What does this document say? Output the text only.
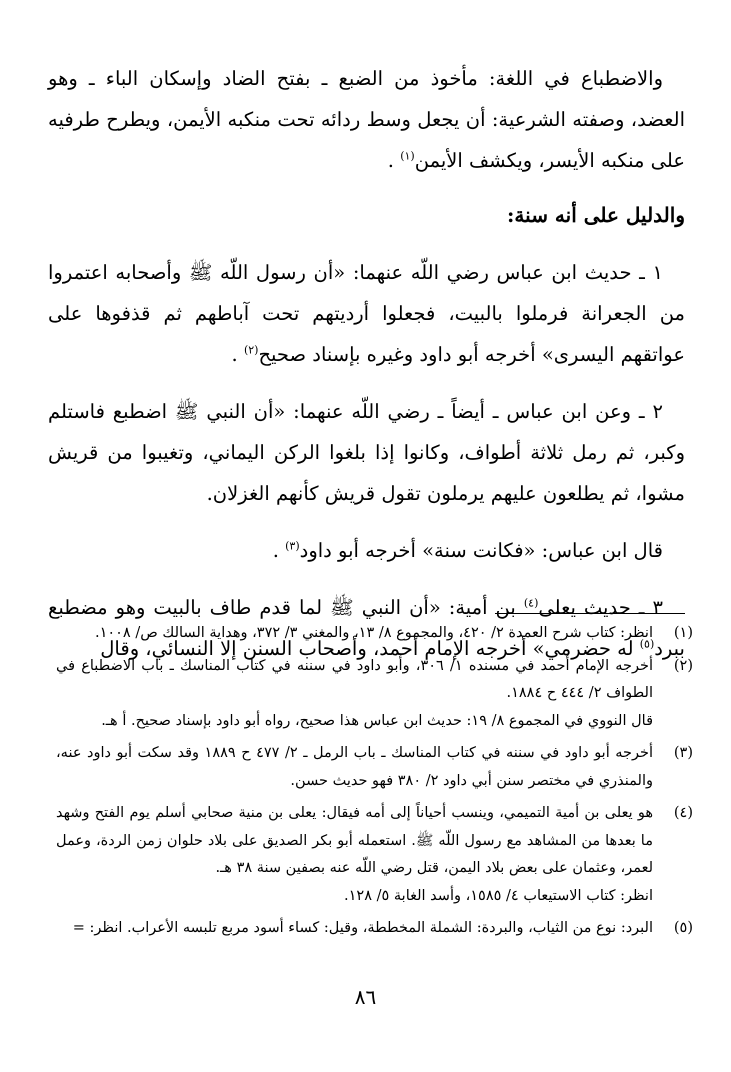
والاضطباع في اللغة: مأخوذ من الضبع ـ بفتح الضاد وإسكان الباء ـ وهو العضد، وصفته الشرعية: أن يجعل وسط ردائه تحت منكبه الأيمن، ويطرح طرفيه على منكبه الأيسر، ويكشف الأيمن$^{(١)}$ .

والدليل على أنه سنة:

١ ـ حديث ابن عباس رضي اللّه عنهما: «أن رسول اللّه ﷺ وأصحابه اعتمروا من الجعرانة فرملوا بالبيت، فجعلوا أرديتهم تحت آباطهم ثم قذفوها على عواتقهم اليسرى» أخرجه أبو داود وغيره بإسناد صحيح$^{(٢)}$ .

٢ ـ وعن ابن عباس ـ أيضاً ـ رضي اللّه عنهما: «أن النبي ﷺ اضطبع فاستلم وكبر، ثم رمل ثلاثة أطواف، وكانوا إذا بلغوا الركن اليماني، وتغيبوا من قريش مشوا، ثم يطلعون عليهم يرملون تقول قريش كأنهم الغزلان.

قال ابن عباس: «فكانت سنة» أخرجه أبو داود$^{(٣)}$ .

٣ ـ حديث يعلى$^{(٤)}$ بن أمية: «أن النبي ﷺ لما قدم طاف بالبيت وهو مضطبع ببرد$^{(٥)}$ له حضرمي» أخرجه الإمام أحمد، وأصحاب السنن إلا النسائي، وقال

(١)

انظر: كتاب شرح العمدة ٢/ ٤٢٠، والمجموع ٨/ ١٣، والمغني ٣/ ٣٧٢، وهداية السالك ص/ ١٠٠٨.

(٢)

أخرجه الإمام أحمد في مسنده ١/ ٣٠٦، وأبو داود في سننه في كتاب المناسك ـ باب الاضطباع في الطواف ٢/ ٤٤٤ ح ١٨٨٤.

قال النووي في المجموع ٨/ ١٩: حديث ابن عباس هذا صحيح، رواه أبو داود بإسناد صحيح. أ هـ.

(٣)

أخرجه أبو داود في سننه في كتاب المناسك ـ باب الرمل ـ ٢/ ٤٧٧ ح ١٨٨٩ وقد سكت أبو داود عنه، والمنذري في مختصر سنن أبي داود ٢/ ٣٨٠ فهو حديث حسن.

(٤)

هو يعلى بن أمية التميمي، وينسب أحياناً إلى أمه فيقال: يعلى بن منية صحابي أسلم يوم الفتح وشهد ما بعدها من المشاهد مع رسول اللّه ﷺ. استعمله أبو بكر الصديق على بلاد حلوان زمن الردة، وعمل لعمر، وعثمان على بعض بلاد اليمن، قتل رضي اللّه عنه بصفين سنة ٣٨ هـ.

انظر: كتاب الاستيعاب ٤/ ١٥٨٥، وأسد الغابة ٥/ ١٢٨.

(٥)

البرد: نوع من الثياب، والبردة: الشملة المخططة، وقيل: كساء أسود مربع تلبسه الأعراب. انظر: =

٨٦
